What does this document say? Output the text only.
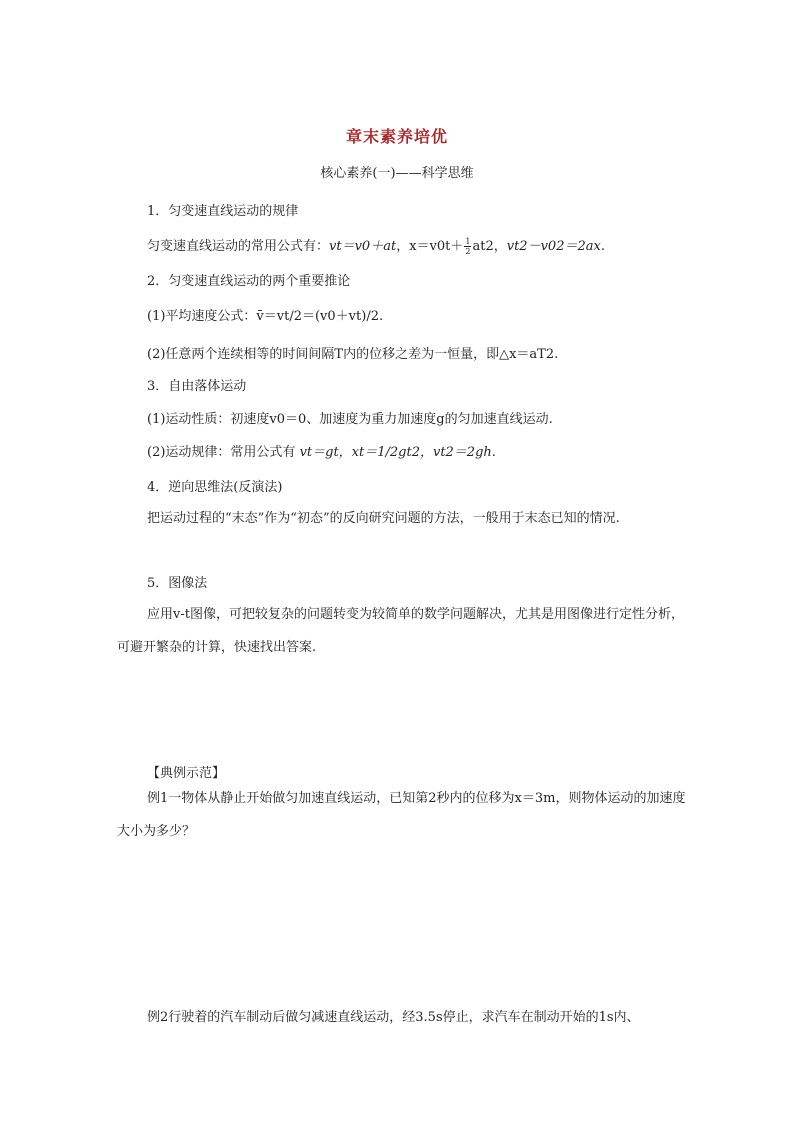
章末素养培优
核心素养(一)——科学思维
1．匀变速直线运动的规律
匀变速直线运动的常用公式有：vt＝v0＋at，$x=v0t+ \frac{1}{2} at2$，vt2－v02＝2ax.
2．匀变速直线运动的两个重要推论
(1)平均速度公式：v̄＝vt/2＝(v0＋vt)/2.
(2)任意两个连续相等的时间间隔T内的位移之差为一恒量，即△x＝aT2.
3．自由落体运动
(1)运动性质：初速度v0＝0、加速度为重力加速度g的匀加速直线运动.
(2)运动规律：常用公式有 vt＝gt，xt＝1/2gt2，vt2＝2gh.
4．逆向思维法(反演法)
把运动过程的“末态”作为“初态”的反向研究问题的方法，一般用于末态已知的情况.
5．图像法
应用v-t图像，可把较复杂的问题转变为较简单的数学问题解决，尤其是用图像进行定性分析，可避开繁杂的计算，快速找出答案.
【典例示范】
例1一物体从静止开始做匀加速直线运动，已知第2秒内的位移为x＝3m，则物体运动的加速度大小为多少？
例2行驶着的汽车制动后做匀减速直线运动，经3.5s停止，求汽车在制动开始的1s内、
